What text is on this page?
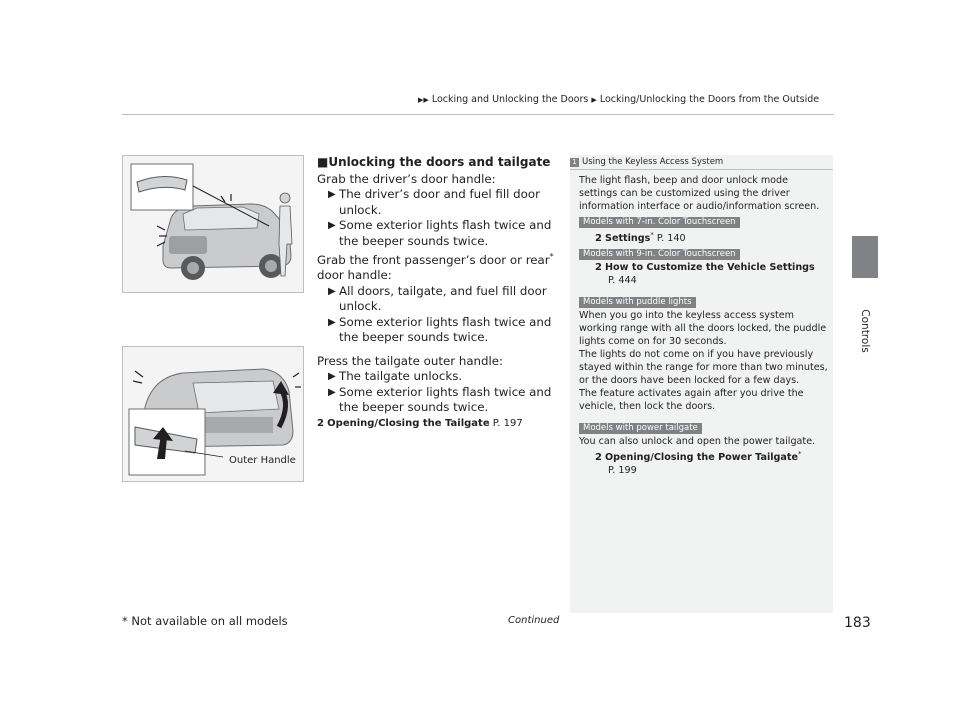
▶▶ Locking and Unlocking the Doors ▶ Locking/Unlocking the Doors from the Outside
Controls
Outer Handle

■Unlocking the doors and tailgate

Grab the driver’s door handle:

▶ The driver’s door and fuel fill door unlock.

▶ Some exterior lights flash twice and the beeper sounds twice.

Grab the front passenger’s door or rear* door handle:

▶ All doors, tailgate, and fuel fill door unlock.

▶ Some exterior lights flash twice and the beeper sounds twice.

Press the tailgate outer handle:

▶ The tailgate unlocks.

▶ Some exterior lights flash twice and the beeper sounds twice.

2 Opening/Closing the Tailgate P. 197

1 Using the Keyless Access System

The light flash, beep and door unlock mode settings can be customized using the driver information interface or audio/information screen.

Models with 7-in. Color Touchscreen

2 Settings* P. 140

Models with 9-in. Color Touchscreen

2 How to Customize the Vehicle Settings

P. 444

Models with puddle lights

When you go into the keyless access system working range with all the doors locked, the puddle lights come on for 30 seconds.

The lights do not come on if you have previously stayed within the range for more than two minutes, or the doors have been locked for a few days.

The feature activates again after you drive the vehicle, then lock the doors.

Models with power tailgate

You can also unlock and open the power tailgate.

2 Opening/Closing the Power Tailgate*

P. 199

* Not available on all models	Continued	183
